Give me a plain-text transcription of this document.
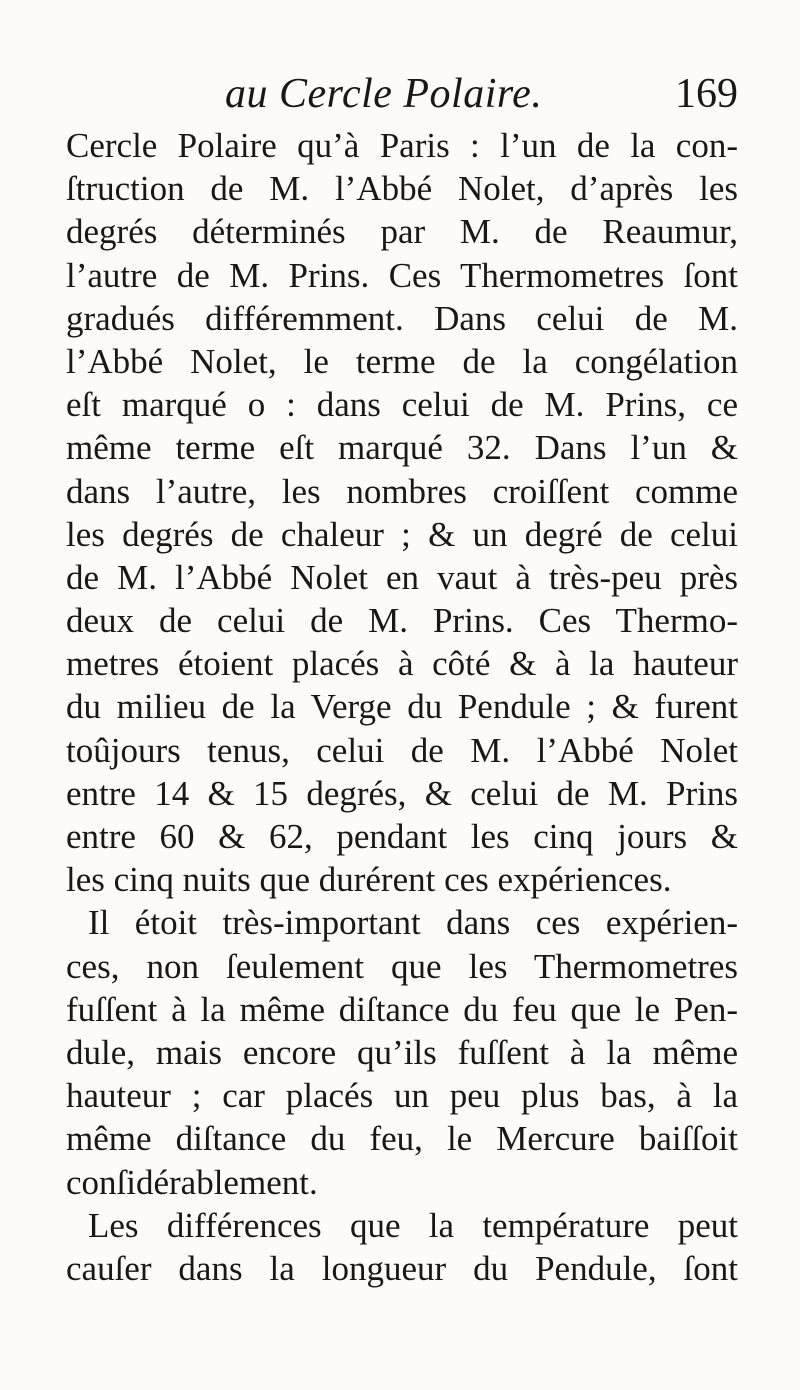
au Cercle Polaire.	169
Cercle Polaire qu’à Paris : l’un de la con-
ſtruction de M. l’Abbé Nolet, d’après les
degrés déterminés par M. de Reaumur,
l’autre de M. Prins. Ces Thermometres ſont
gradués différemment. Dans celui de M.
l’Abbé Nolet, le terme de la congélation
eſt marqué o : dans celui de M. Prins, ce
même terme eſt marqué 32. Dans l’un &
dans l’autre, les nombres croiſſent comme
les degrés de chaleur ; & un degré de celui
de M. l’Abbé Nolet en vaut à très-peu près
deux de celui de M. Prins. Ces Thermo-
metres étoient placés à côté & à la hauteur
du milieu de la Verge du Pendule ; & furent
toûjours tenus, celui de M. l’Abbé Nolet
entre 14 & 15 degrés, & celui de M. Prins
entre 60 & 62, pendant les cinq jours &
les cinq nuits que durérent ces expériences.
Il étoit très-important dans ces expérien-
ces, non ſeulement que les Thermometres
fuſſent à la même diſtance du feu que le Pen-
dule, mais encore qu’ils fuſſent à la même
hauteur ; car placés un peu plus bas, à la
même diſtance du feu, le Mercure baiſſoit
conſidérablement.
Les différences que la température peut
cauſer dans la longueur du Pendule, ſont
